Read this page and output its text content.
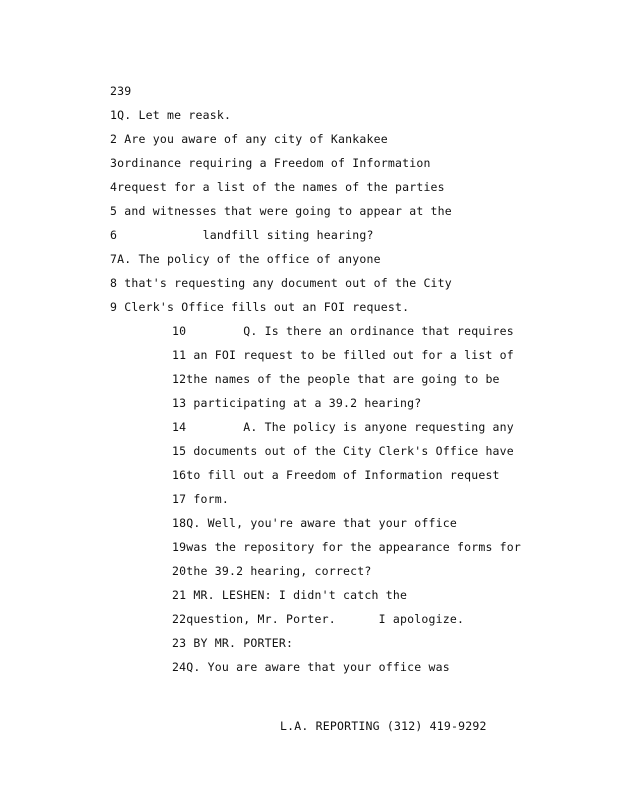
239
1Q. Let me reask.
2 Are you aware of any city of Kankakee
3ordinance requiring a Freedom of Information
4request for a list of the names of the parties
5 and witnesses that were going to appear at the
6            landfill siting hearing?
7A. The policy of the office of anyone
8 that's requesting any document out of the City
9 Clerk's Office fills out an FOI request.
10        Q. Is there an ordinance that requires
11 an FOI request to be filled out for a list of
12the names of the people that are going to be
13 participating at a 39.2 hearing?
14        A. The policy is anyone requesting any
15 documents out of the City Clerk's Office have
16to fill out a Freedom of Information request
17 form.
18Q. Well, you're aware that your office
19was the repository for the appearance forms for
20the 39.2 hearing, correct?
21 MR. LESHEN: I didn't catch the
22question, Mr. Porter.      I apologize.
23 BY MR. PORTER:
24Q. You are aware that your office was
L.A. REPORTING (312) 419-9292
